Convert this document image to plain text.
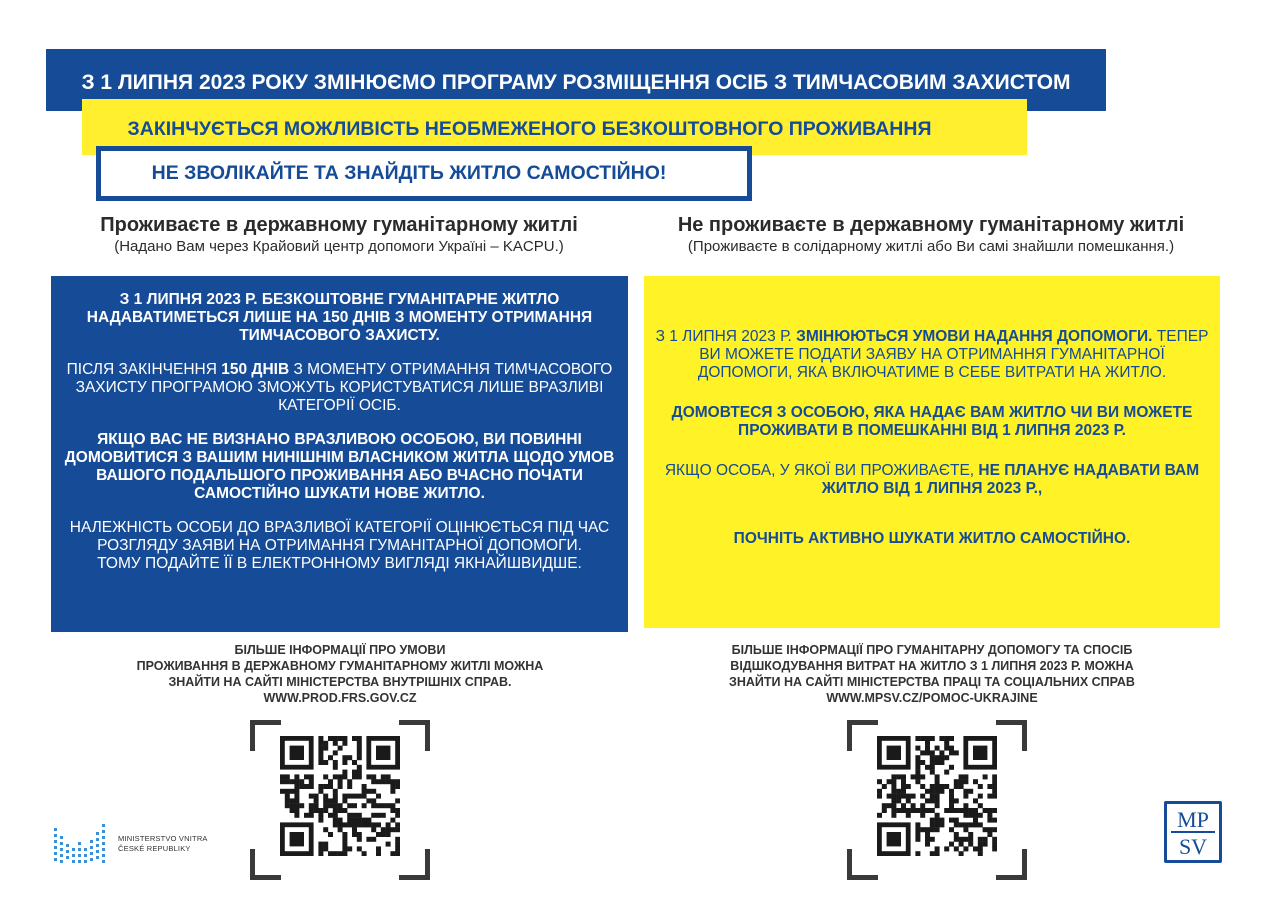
З 1 ЛИПНЯ 2023 РОКУ ЗМІНЮЄМО ПРОГРАМУ РОЗМІЩЕННЯ ОСІБ З ТИМЧАСОВИМ ЗАХИСТОМ
ЗАКІНЧУЄТЬСЯ МОЖЛИВІСТЬ НЕОБМЕЖЕНОГО БЕЗКОШТОВНОГО ПРОЖИВАННЯ
НЕ ЗВОЛІКАЙТЕ ТА ЗНАЙДІТЬ ЖИТЛО САМОСТІЙНО!
Проживаєте в державному гуманітарному житлі
(Надано Вам через Крайовий центр допомоги Україні – KACPU.)
Не проживаєте в державному гуманітарному житлі
(Проживаєте в солідарному житлі або Ви самі знайшли помешкання.)

З 1 ЛИПНЯ 2023 Р. БЕЗКОШТОВНЕ ГУМАНІТАРНЕ ЖИТЛО НАДАВАТИМЕТЬСЯ ЛИШЕ НА 150 ДНІВ З МОМЕНТУ ОТРИМАННЯ ТИМЧАСОВОГО ЗАХИСТУ.

ПІСЛЯ ЗАКІНЧЕННЯ 150 ДНІВ З МОМЕНТУ ОТРИМАННЯ ТИМЧАСОВОГО ЗАХИСТУ ПРОГРАМОЮ ЗМОЖУТЬ КОРИСТУВАТИСЯ ЛИШЕ ВРАЗЛИВІ КАТЕГОРІЇ ОСІБ.

ЯКЩО ВАС НЕ ВИЗНАНО ВРАЗЛИВОЮ ОСОБОЮ, ВИ ПОВИННІ ДОМОВИТИСЯ З ВАШИМ НИНІШНІМ ВЛАСНИКОМ ЖИТЛА ЩОДО УМОВ ВАШОГО ПОДАЛЬШОГО ПРОЖИВАННЯ АБО ВЧАСНО ПОЧАТИ САМОСТІЙНО ШУКАТИ НОВЕ ЖИТЛО.

НАЛЕЖНІСТЬ ОСОБИ ДО ВРАЗЛИВОЇ КАТЕГОРІЇ ОЦІНЮЄТЬСЯ ПІД ЧАС РОЗГЛЯДУ ЗАЯВИ НА ОТРИМАННЯ ГУМАНІТАРНОЇ ДОПОМОГИ.
ТОМУ ПОДАЙТЕ ЇЇ В ЕЛЕКТРОННОМУ ВИГЛЯДІ ЯКНАЙШВИДШЕ.

З 1 ЛИПНЯ 2023 Р. ЗМІНЮЮТЬСЯ УМОВИ НАДАННЯ ДОПОМОГИ. ТЕПЕР ВИ МОЖЕТЕ ПОДАТИ ЗАЯВУ НА ОТРИМАННЯ ГУМАНІТАРНОЇ ДОПОМОГИ, ЯКА ВКЛЮЧАТИМЕ В СЕБЕ ВИТРАТИ НА ЖИТЛО.

ДОМОВТЕСЯ З ОСОБОЮ, ЯКА НАДАЄ ВАМ ЖИТЛО ЧИ ВИ МОЖЕТЕ ПРОЖИВАТИ В ПОМЕШКАННІ ВІД 1 ЛИПНЯ 2023 Р.

ЯКЩО ОСОБА, У ЯКОЇ ВИ ПРОЖИВАЄТЕ, НЕ ПЛАНУЄ НАДАВАТИ ВАМ ЖИТЛО ВІД 1 ЛИПНЯ 2023 Р.,

ПОЧНІТЬ АКТИВНО ШУКАТИ ЖИТЛО САМОСТІЙНО.

БІЛЬШЕ ІНФОРМАЦІЇ ПРО УМОВИ
ПРОЖИВАННЯ В ДЕРЖАВНОМУ ГУМАНІТАРНОМУ ЖИТЛІ МОЖНА
ЗНАЙТИ НА САЙТІ МІНІСТЕРСТВА ВНУТРІШНІХ СПРАВ.
WWW.PROD.FRS.GOV.CZ
БІЛЬШЕ ІНФОРМАЦІЇ ПРО ГУМАНІТАРНУ ДОПОМОГУ ТА СПОСІБ
ВІДШКОДУВАННЯ ВИТРАТ НА ЖИТЛО З 1 ЛИПНЯ 2023 Р. МОЖНА
ЗНАЙТИ НА САЙТІ МІНІСТЕРСТВА ПРАЦІ ТА СОЦІАЛЬНИХ СПРАВ
WWW.MPSV.CZ/POMOC-UKRAJINE
MINISTERSTVO VNITRA
ČESKÉ REPUBLIKY
MP
SV
